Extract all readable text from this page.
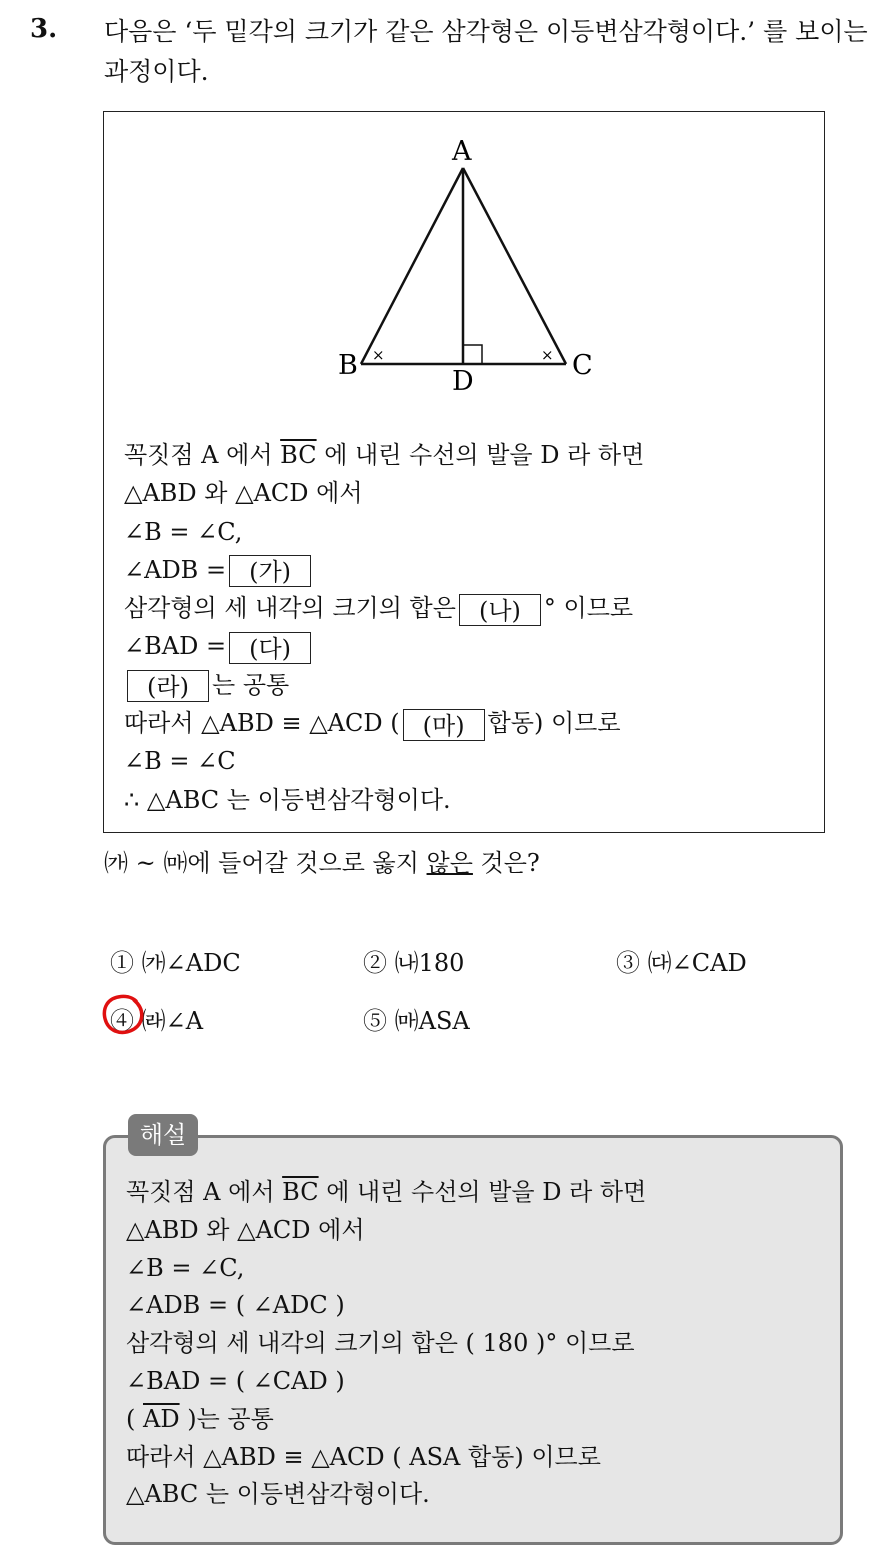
3. 다음은 ‘두 밑각의 크기가 같은 삼각형은 이등변삼각형이다.’ 를 보이는 과정이다.
×	×
A
B	C
D
꼭짓점 A 에서 $\overline{BC}$ 에 내린 수선의 발을 D 라 하면
△ABD 와 △ACD 에서
∠B = ∠C,
∠ADB = (가)
삼각형의 세 내각의 크기의 합은 (나) ° 이므로
∠BAD = (다)
(라) 는 공통
따라서 △ABD ≡ △ACD ( (마) 합동) 이므로
∠B = ∠C
∴ △ABC 는 이등변삼각형이다.
㈎ ~ ㈒에 들어갈 것으로 옳지 않은 것은?
① ㈎∠ADC	② ㈏180	③ ㈐∠CAD
④ ㈑∠A	⑤ ㈒ASA
꼭짓점 A 에서 $\overline{BC}$ 에 내린 수선의 발을 D 라 하면
△ABD 와 △ACD 에서
∠B = ∠C,
∠ADB = ( ∠ADC )
삼각형의 세 내각의 크기의 합은 ( 180 )° 이므로
∠BAD = ( ∠CAD )
( $\overline{AD}$ )는 공통
따라서 △ABD ≡ △ACD ( ASA 합동) 이므로
△ABC 는 이등변삼각형이다.
해설
